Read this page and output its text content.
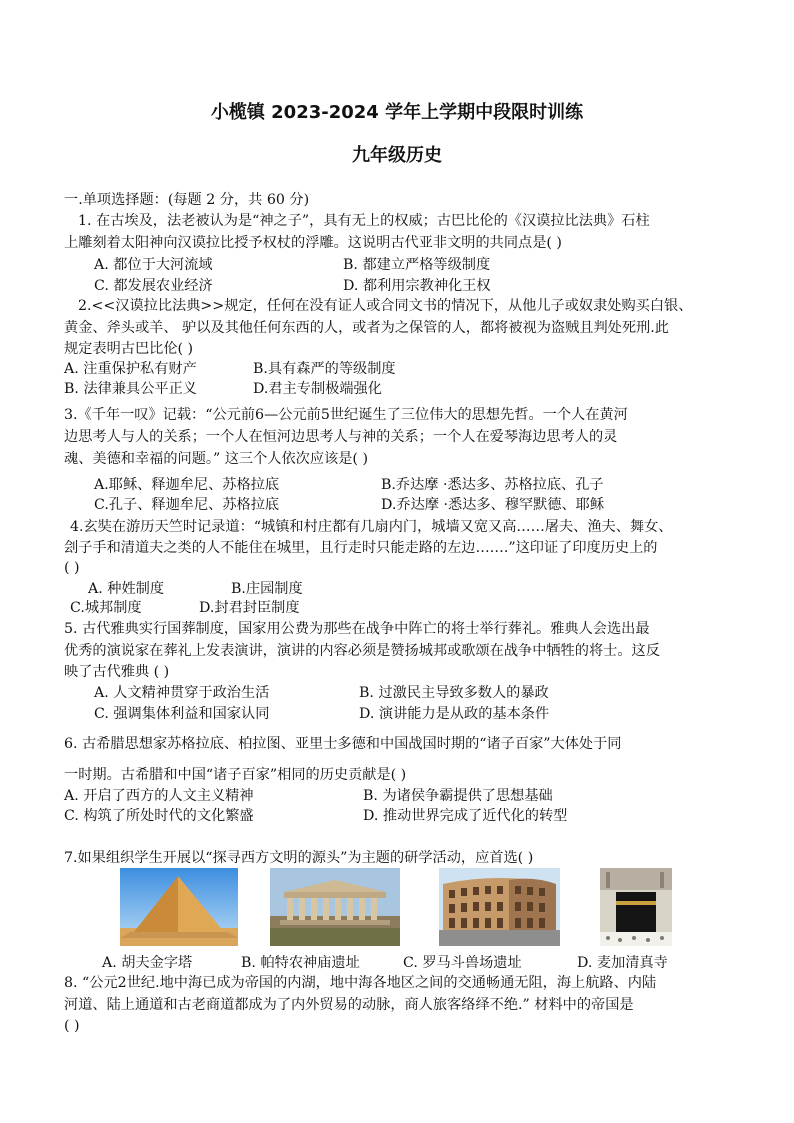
小榄镇 2023-2024 学年上学期中段限时训练
九年级历史
一.单项选择题：(每题 2 分，共 60 分)
1. 在古埃及，法老被认为是“神之子”，具有无上的权威；古巴比伦的《汉谟拉比法典》石柱
上雕刻着太阳神向汉谟拉比授予权杖的浮雕。这说明古代亚非文明的共同点是( )
A. 都位于大河流域	B. 都建立严格等级制度
C. 都发展农业经济	D. 都利用宗教神化王权
2.<<汉谟拉比法典>>规定，任何在没有证人或合同文书的情况下，从他儿子或奴隶处购买白银、
黄金、斧头或羊、 驴以及其他任何东西的人，或者为之保管的人，都将被视为盗贼且判处死刑.此
规定表明古巴比伦( )
A. 注重保护私有财产	B.具有森严的等级制度
B. 法律兼具公平正义	D.君主专制极端强化
3.《千年一叹》记载：“公元前6—公元前5世纪诞生了三位伟大的思想先哲。一个人在黄河
边思考人与人的关系；一个人在恒河边思考人与神的关系；一个人在爱琴海边思考人的灵
魂、美德和幸福的问题。” 这三个人依次应该是( )
A.耶稣、释迦牟尼、苏格拉底	B.乔达摩 ·悉达多、苏格拉底、孔子
C.孔子、释迦牟尼、苏格拉底	D.乔达摩 ·悉达多、穆罕默德、耶稣
4.玄奘在游历天竺时记录道：“城镇和村庄都有几扇内门，城墙又宽又高……屠夫、渔夫、舞女、
刽子手和清道夫之类的人不能住在城里，且行走时只能走路的左边…….”这印证了印度历史上的
( )
A. 种姓制度	B.庄园制度
C.城邦制度	D.封君封臣制度
5. 古代雅典实行国葬制度，国家用公费为那些在战争中阵亡的将士举行葬礼。雅典人会选出最
优秀的演说家在葬礼上发表演讲，演讲的内容必须是赞扬城邦或歌颂在战争中牺牲的将士。这反
映了古代雅典 ( )
A. 人文精神贯穿于政治生活	B. 过激民主导致多数人的暴政
C. 强调集体利益和国家认同	D. 演讲能力是从政的基本条件
6. 古希腊思想家苏格拉底、柏拉图、亚里士多德和中国战国时期的“诸子百家”大体处于同
一时期。古希腊和中国“诸子百家”相同的历史贡献是( )
A. 开启了西方的人文主义精神	B. 为诸侯争霸提供了思想基础
C. 构筑了所处时代的文化繁盛	D. 推动世界完成了近代化的转型
7.如果组织学生开展以“探寻西方文明的源头”为主题的研学活动，应首选( )
A. 胡夫金字塔	B. 帕特农神庙遗址	C. 罗马斗兽场遗址	D. 麦加清真寺
8. “公元2世纪.地中海已成为帝国的内湖，地中海各地区之间的交通畅通无阻，海上航路、内陆
河道、陆上通道和古老商道都成为了内外贸易的动脉，商人旅客络绎不绝.” 材料中的帝国是
( )
